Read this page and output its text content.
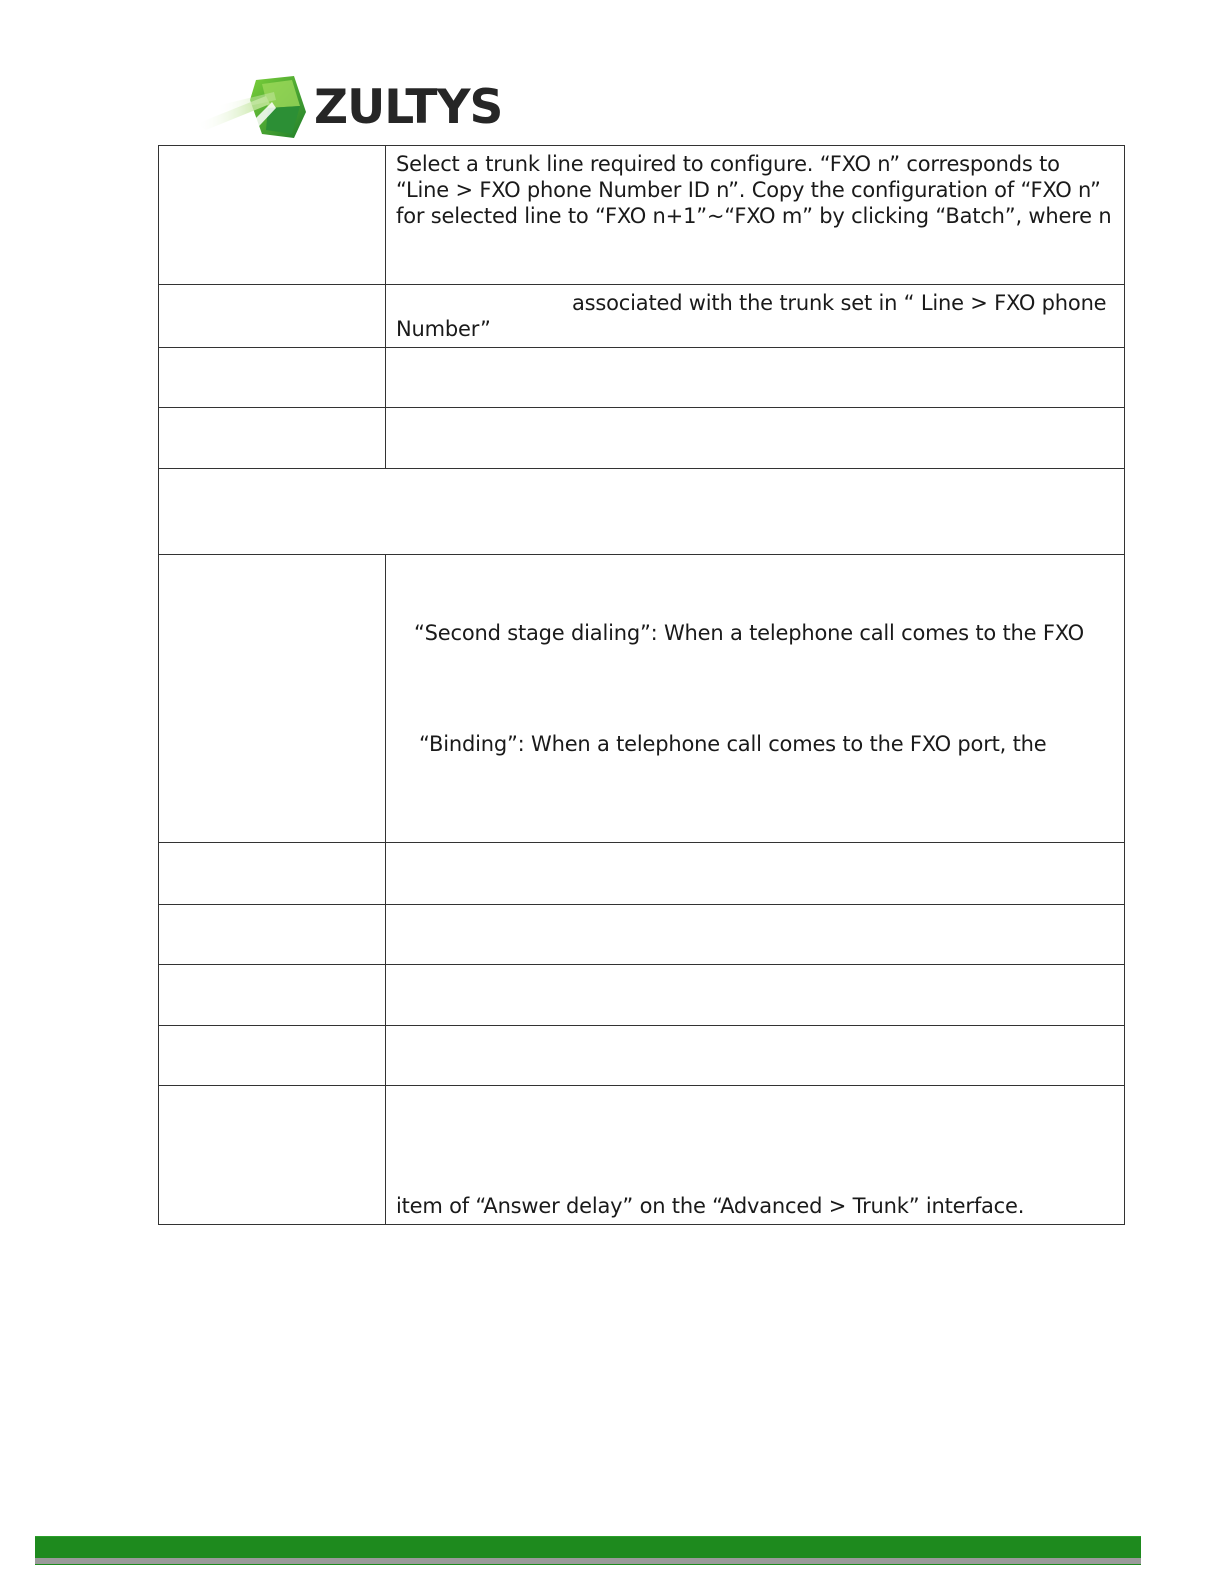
ZULTYS

	Select a trunk line required to configure. “FXO n” corresponds to
“Line > FXO phone Number ID n”. Copy the configuration of “FXO n”
for selected line to “FXO n+1”~“FXO m” by clicking “Batch”, where n

	associated with the trunk set in “ Line > FXO phone
Number”

	“Second stage dialing”: When a telephone call comes to the FXO
“Binding”: When a telephone call comes to the FXO port, the

	item of “Answer delay” on the “Advanced > Trunk” interface.
